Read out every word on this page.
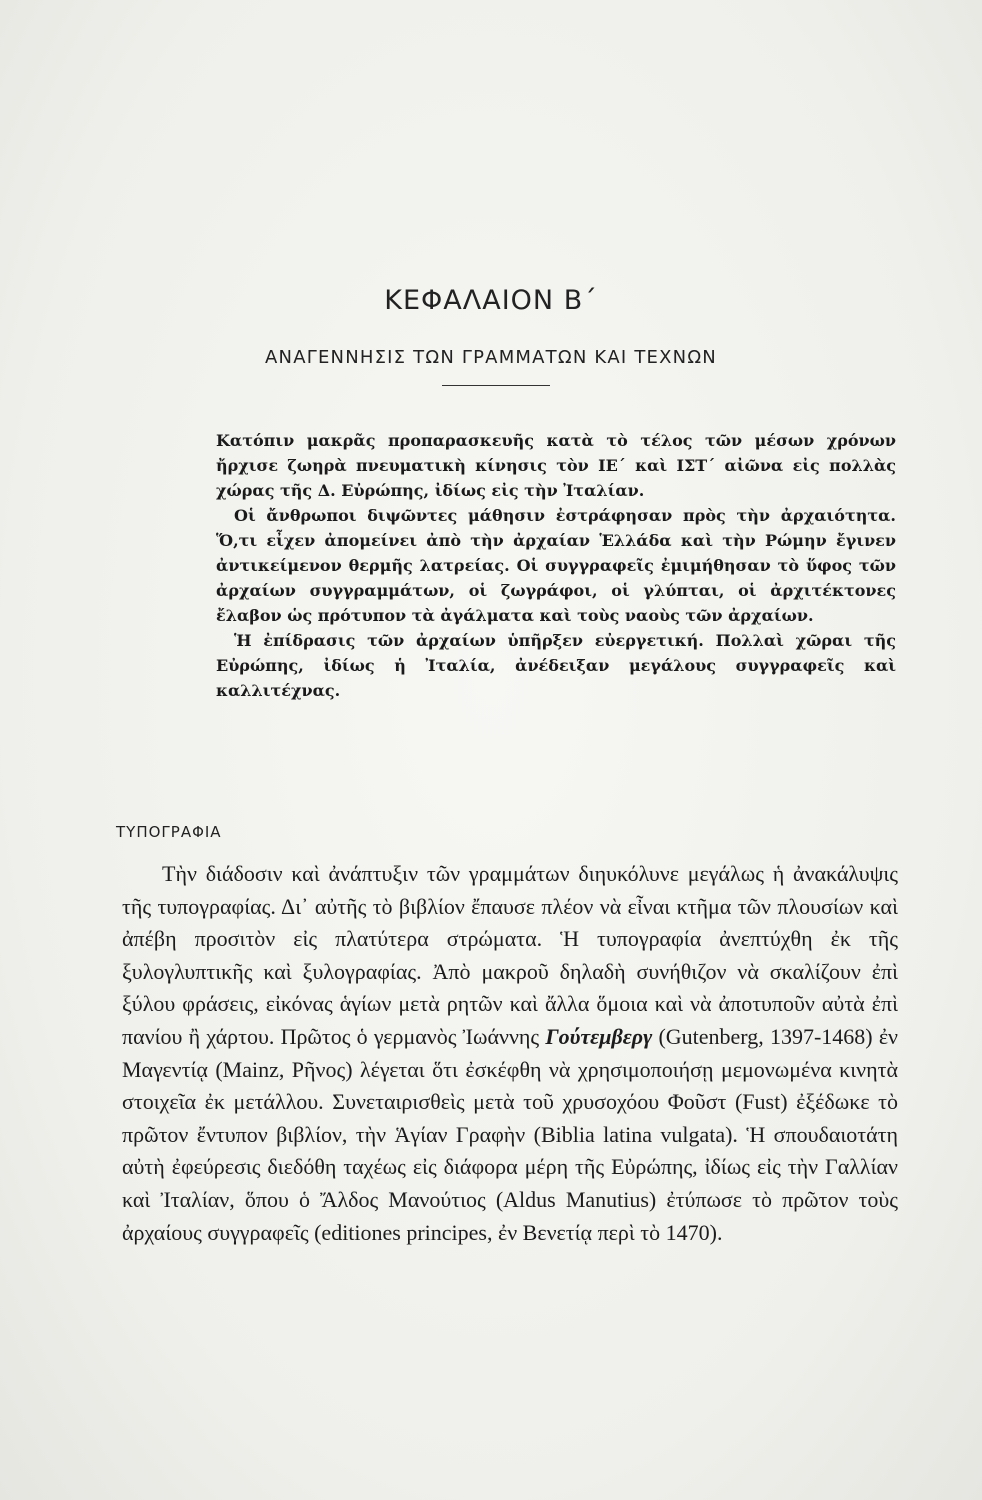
ΚΕΦΑΛΑΙΟΝ Β΄
ΑΝΑΓΕΝΝΗΣΙΣ ΤΩΝ ΓΡΑΜΜΑΤΩΝ ΚΑΙ ΤΕΧΝΩΝ

Κατόπιν μακρᾶς προπαρασκευῆς κατὰ τὸ τέλος τῶν μέσων χρόνων ἤρχισε ζωηρὰ πνευματικὴ κίνησις τὸν ΙΕ΄ καὶ ΙΣΤ΄ αἰῶνα εἰς πολλὰς χώρας τῆς Δ. Εὐρώπης, ἰδίως εἰς τὴν Ἰταλίαν.

Οἱ ἄνθρωποι διψῶντες μάθησιν ἐστράφησαν πρὸς τὴν ἀρχαιότητα. Ὅ,τι εἶχεν ἀπομείνει ἀπὸ τὴν ἀρχαίαν Ἑλλάδα καὶ τὴν Ρώμην ἔγινεν ἀντικείμενον θερμῆς λατρείας. Οἱ συγγραφεῖς ἐμιμήθησαν τὸ ὕφος τῶν ἀρχαίων συγγραμμάτων, οἱ ζωγράφοι, οἱ γλύπται, οἱ ἀρχιτέκτονες ἔλαβον ὡς πρότυπον τὰ ἀγάλματα καὶ τοὺς ναοὺς τῶν ἀρχαίων.

Ἡ ἐπίδρασις τῶν ἀρχαίων ὑπῆρξεν εὐεργετική. Πολλαὶ χῶραι τῆς Εὐρώπης, ἰδίως ἡ Ἰταλία, ἀνέδειξαν μεγάλους συγγραφεῖς καὶ καλλιτέχνας.

ΤΥΠΟΓΡΑΦΙΑ

Τὴν διάδοσιν καὶ ἀνάπτυξιν τῶν γραμμάτων διηυκόλυνε μεγάλως ἡ ἀνακάλυψις τῆς τυπογραφίας. Δι᾽ αὐτῆς τὸ βιβλίον ἔπαυσε πλέον νὰ εἶναι κτῆμα τῶν πλουσίων καὶ ἀπέβη προσιτὸν εἰς πλατύτερα στρώματα. Ἡ τυπογραφία ἀνεπτύχθη ἐκ τῆς ξυλογλυπτικῆς καὶ ξυλογραφίας. Ἀπὸ μακροῦ δηλαδὴ συνήθιζον νὰ σκαλίζουν ἐπὶ ξύλου φράσεις, εἰκόνας ἁγίων μετὰ ρητῶν καὶ ἄλλα ὅμοια καὶ νὰ ἀποτυποῦν αὐτὰ ἐπὶ πανίου ἢ χάρτου. Πρῶτος ὁ γερμανὸς Ἰωάννης Γούτεμβεργ (Gutenberg, 1397-1468) ἐν Μαγεντίᾳ (Mainz, Ρῆνος) λέγεται ὅτι ἐσκέφθη νὰ χρησιμοποιήσῃ μεμονωμένα κινητὰ στοιχεῖα ἐκ μετάλλου. Συνεταιρισθεὶς μετὰ τοῦ χρυσοχόου Φοῦστ (Fust) ἐξέδωκε τὸ πρῶτον ἔντυπον βιβλίον, τὴν Ἁγίαν Γραφὴν (Biblia latina vulgata). Ἡ σπουδαιοτάτη αὐτὴ ἐφεύρεσις διεδόθη ταχέως εἰς διάφορα μέρη τῆς Εὐρώπης, ἰδίως εἰς τὴν Γαλλίαν καὶ Ἰταλίαν, ὅπου ὁ Ἄλδος Μανούτιος (Aldus Manutius) ἐτύπωσε τὸ πρῶτον τοὺς ἀρχαίους συγγραφεῖς (editiones principes, ἐν Βενετίᾳ περὶ τὸ 1470).
